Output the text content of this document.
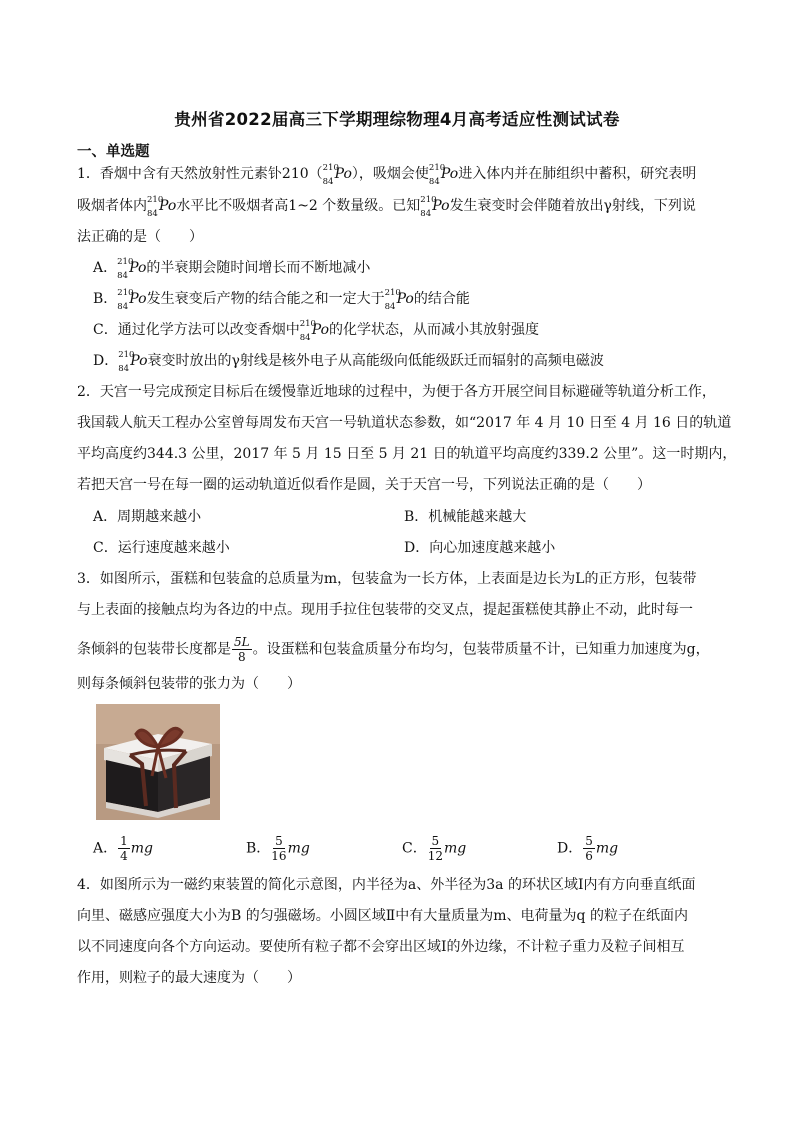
贵州省2022届高三下学期理综物理4月高考适应性测试试卷
一、单选题
1．香烟中含有天然放射性元素钋210（ 210
84 Po），吸烟会使 210
84 Po进入体内并在肺组织中蓄积，研究表明
吸烟者体内 210
84 Po水平比不吸烟者高1~2 个数量级。已知 210
84 Po发生衰变时会伴随着放出γ射线，下列说
法正确的是（　　）
A． 210
84 Po的半衰期会随时间增长而不断地减小
B． 210
84 Po发生衰变后产物的结合能之和一定大于 210
84 Po的结合能
C．通过化学方法可以改变香烟中 210
84 Po的化学状态，从而减小其放射强度
D． 210
84 Po衰变时放出的γ射线是核外电子从高能级向低能级跃迁而辐射的高频电磁波
2．天宫一号完成预定目标后在缓慢靠近地球的过程中，为便于各方开展空间目标避碰等轨道分析工作，
我国载人航天工程办公室曾每周发布天宫一号轨道状态参数，如“2017 年 4 月 10 日至 4 月 16 日的轨道
平均高度约344.3 公里，2017 年 5 月 15 日至 5 月 21 日的轨道平均高度约339.2 公里”。这一时期内，
若把天宫一号在每一圈的运动轨道近似看作是圆，关于天宫一号，下列说法正确的是（　　）
A．周期越来越小	B．机械能越来越大
C．运行速度越来越小	D．向心加速度越来越小
3．如图所示，蛋糕和包装盒的总质量为m，包装盒为一长方体，上表面是边长为L的正方形，包装带
与上表面的接触点均为各边的中点。现用手拉住包装带的交叉点，提起蛋糕使其静止不动，此时每一
条倾斜的包装带长度都是 $\frac{5L}{8}$ 。设蛋糕和包装盒质量分布均匀，包装带质量不计，已知重力加速度为g，
则每条倾斜包装带的张力为（　　）
A． $\frac{1}{4}$ mg	B． $\frac{5}{16}$ mg	C． $\frac{5}{12}$ mg	D． $\frac{5}{6}$ mg
4．如图所示为一磁约束装置的简化示意图，内半径为a、外半径为3a 的环状区域Ⅰ内有方向垂直纸面
向里、磁感应强度大小为B 的匀强磁场。小圆区域Ⅱ中有大量质量为m、电荷量为q 的粒子在纸面内
以不同速度向各个方向运动。要使所有粒子都不会穿出区域Ⅰ的外边缘，不计粒子重力及粒子间相互
作用，则粒子的最大速度为（　　）
